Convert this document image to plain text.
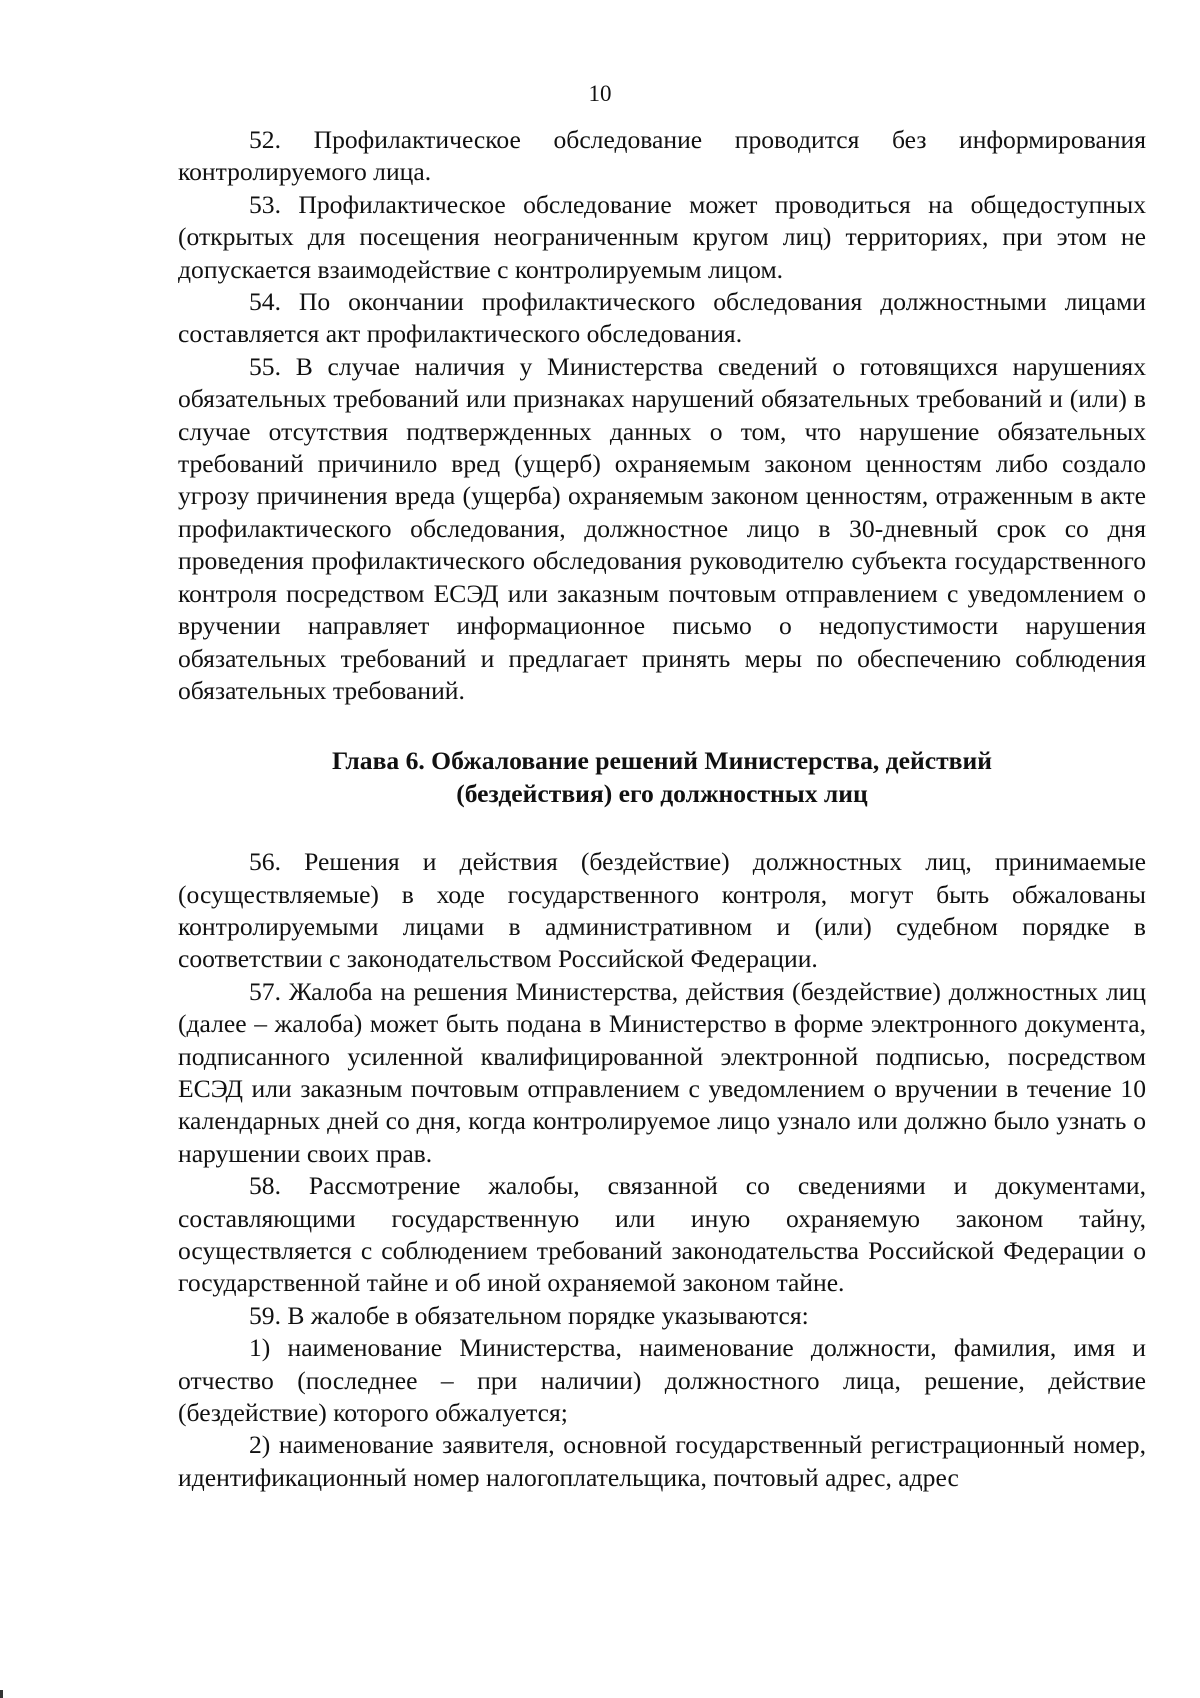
10

52. Профилактическое обследование проводится без информирования контролируемого лица.

53. Профилактическое обследование может проводиться на общедоступных (открытых для посещения неограниченным кругом лиц) территориях, при этом не допускается взаимодействие с контролируемым лицом.

54. По окончании профилактического обследования должностными лицами составляется акт профилактического обследования.

55. В случае наличия у Министерства сведений о готовящихся нарушениях обязательных требований или признаках нарушений обязательных требований и (или) в случае отсутствия подтвержденных данных о том, что нарушение обязательных требований причинило вред (ущерб) охраняемым законом ценностям либо создало угрозу причинения вреда (ущерба) охраняемым законом ценностям, отраженным в акте профилактического обследования, должностное лицо в 30-дневный срок со дня проведения профилактического обследования руководителю субъекта государственного контроля посредством ЕСЭД или заказным почтовым отправлением с уведомлением о вручении направляет информационное письмо о недопустимости нарушения обязательных требований и предлагает принять меры по обеспечению соблюдения обязательных требований.

Глава 6. Обжалование решений Министерства, действий
(бездействия) его должностных лиц

56. Решения и действия (бездействие) должностных лиц, принимаемые (осуществляемые) в ходе государственного контроля, могут быть обжалованы контролируемыми лицами в административном и (или) судебном порядке в соответствии с законодательством Российской Федерации.

57. Жалоба на решения Министерства, действия (бездействие) должностных лиц (далее – жалоба) может быть подана в Министерство в форме электронного документа, подписанного усиленной квалифицированной электронной подписью, посредством ЕСЭД или заказным почтовым отправлением с уведомлением о вручении в течение 10 календарных дней со дня, когда контролируемое лицо узнало или должно было узнать о нарушении своих прав.

58. Рассмотрение жалобы, связанной со сведениями и документами, составляющими государственную или иную охраняемую законом тайну, осуществляется с соблюдением требований законодательства Российской Федерации о государственной тайне и об иной охраняемой законом тайне.

59. В жалобе в обязательном порядке указываются:

1) наименование Министерства, наименование должности, фамилия, имя и отчество (последнее – при наличии) должностного лица, решение, действие (бездействие) которого обжалуется;

2) наименование заявителя, основной государственный регистрационный номер, идентификационный номер налогоплательщика, почтовый адрес, адрес
